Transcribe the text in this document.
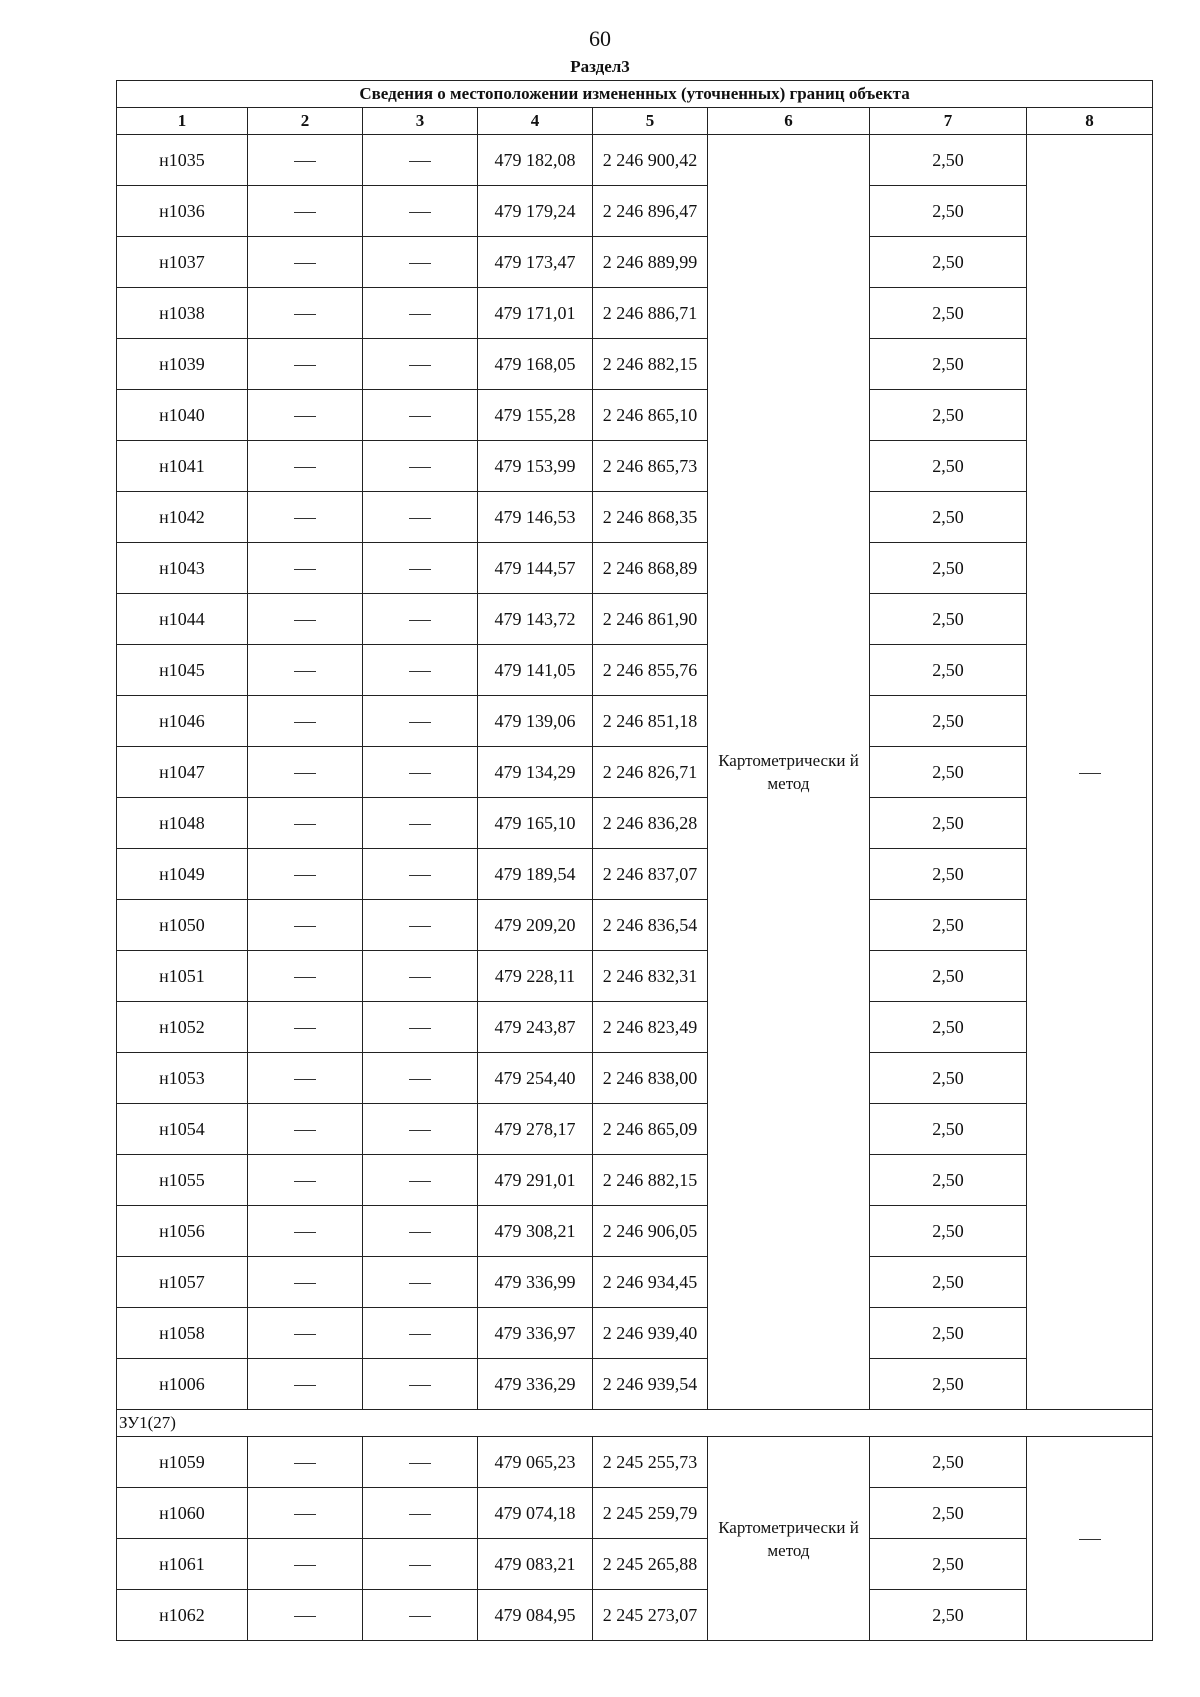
60
Раздел3
Сведения о местоположении измененных (уточненных) границ объекта							
1	2	3	4	5	6	7	8
н1035			479 182,08	2 246 900,42	Картометрически й метод	2,50	
н1036			479 179,24	2 246 896,47		2,50	
н1037			479 173,47	2 246 889,99		2,50	
н1038			479 171,01	2 246 886,71		2,50	
н1039			479 168,05	2 246 882,15		2,50	
н1040			479 155,28	2 246 865,10		2,50	
н1041			479 153,99	2 246 865,73		2,50	
н1042			479 146,53	2 246 868,35		2,50	
н1043			479 144,57	2 246 868,89		2,50	
н1044			479 143,72	2 246 861,90		2,50	
н1045			479 141,05	2 246 855,76		2,50	
н1046			479 139,06	2 246 851,18		2,50	
н1047			479 134,29	2 246 826,71		2,50	
н1048			479 165,10	2 246 836,28		2,50	
н1049			479 189,54	2 246 837,07		2,50	
н1050			479 209,20	2 246 836,54		2,50	
н1051			479 228,11	2 246 832,31		2,50	
н1052			479 243,87	2 246 823,49		2,50	
н1053			479 254,40	2 246 838,00		2,50	
н1054			479 278,17	2 246 865,09		2,50	
н1055			479 291,01	2 246 882,15		2,50	
н1056			479 308,21	2 246 906,05		2,50	
н1057			479 336,99	2 246 934,45		2,50	
н1058			479 336,97	2 246 939,40		2,50	
н1006			479 336,29	2 246 939,54		2,50	
ЗУ1(27)							
н1059			479 065,23	2 245 255,73	Картометрически й метод	2,50	
н1060			479 074,18	2 245 259,79		2,50	
н1061			479 083,21	2 245 265,88		2,50	
н1062			479 084,95	2 245 273,07		2,50	
